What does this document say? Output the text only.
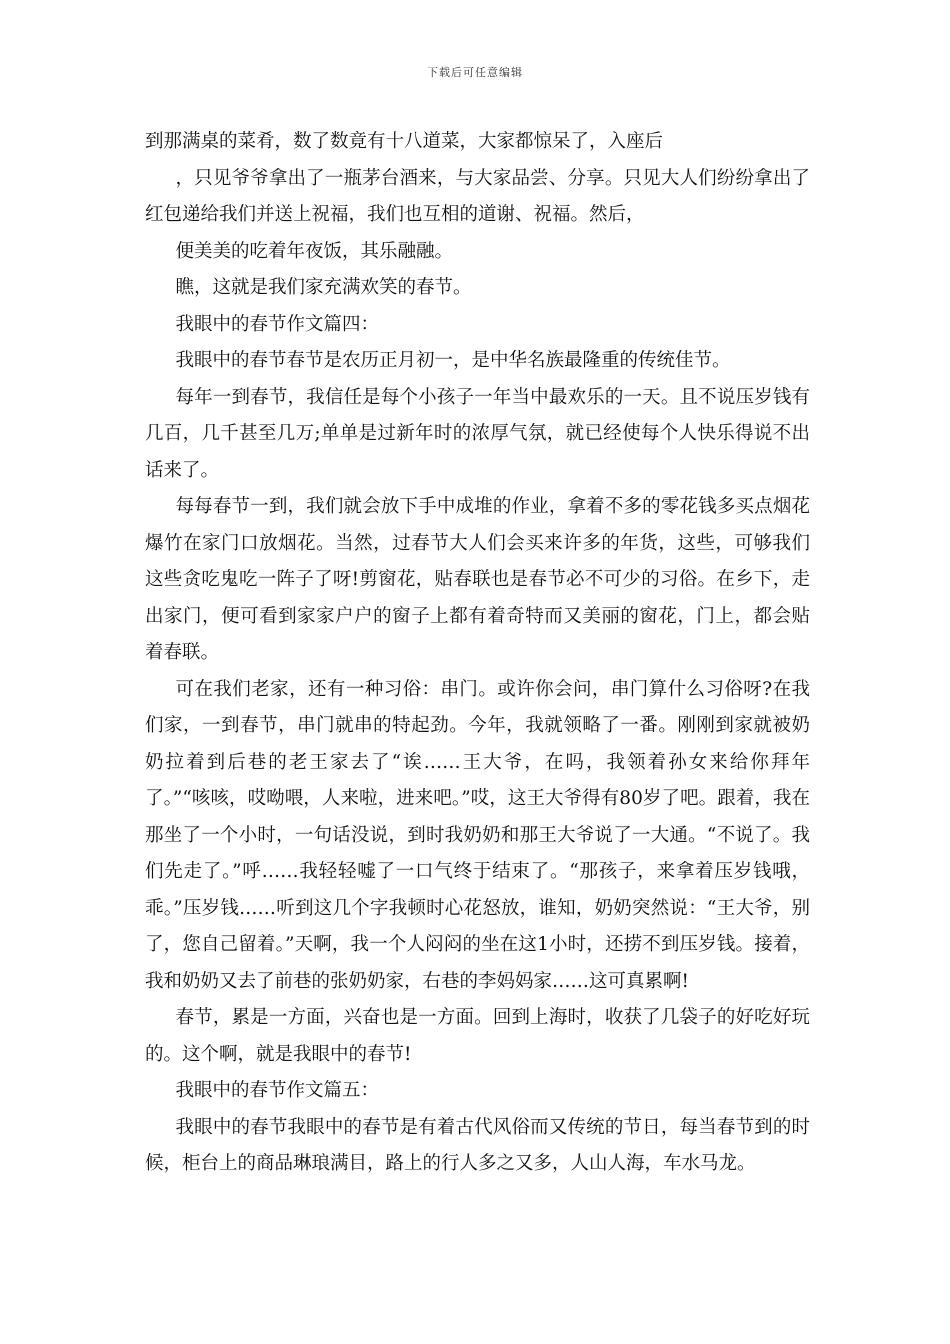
下载后可任意编辑

到那满桌的菜肴，数了数竟有十八道菜，大家都惊呆了，入座后

，只见爷爷拿出了一瓶茅台酒来，与大家品尝、分享。只见大人们纷纷拿出了红包递给我们并送上祝福，我们也互相的道谢、祝福。然后，

便美美的吃着年夜饭，其乐融融。

瞧，这就是我们家充满欢笑的春节。

我眼中的春节作文篇四：

我眼中的春节春节是农历正月初一，是中华名族最隆重的传统佳节。

每年一到春节，我信任是每个小孩子一年当中最欢乐的一天。且不说压岁钱有几百，几千甚至几万;单单是过新年时的浓厚气氛，就已经使每个人快乐得说不出话来了。

每每春节一到，我们就会放下手中成堆的作业，拿着不多的零花钱多买点烟花爆竹在家门口放烟花。当然，过春节大人们会买来许多的年货，这些，可够我们这些贪吃鬼吃一阵子了呀!剪窗花，贴春联也是春节必不可少的习俗。在乡下，走出家门，便可看到家家户户的窗子上都有着奇特而又美丽的窗花，门上，都会贴着春联。

可在我们老家，还有一种习俗：串门。或许你会问，串门算什么习俗呀?在我们家，一到春节，串门就串的特起劲。今年，我就领略了一番。刚刚到家就被奶奶拉着到后巷的老王家去了“诶……王大爷，在吗，我领着孙女来给你拜年了。”“咳咳，哎呦喂，人来啦，进来吧。”哎，这王大爷得有80岁了吧。跟着，我在那坐了一个小时，一句话没说，到时我奶奶和那王大爷说了一大通。“不说了。我们先走了。”呼……我轻轻嘘了一口气终于结束了。“那孩子，来拿着压岁钱哦，乖。”压岁钱……听到这几个字我顿时心花怒放，谁知，奶奶突然说：“王大爷，别了，您自己留着。”天啊，我一个人闷闷的坐在这1小时，还捞不到压岁钱。接着，我和奶奶又去了前巷的张奶奶家，右巷的李妈妈家……这可真累啊!

春节，累是一方面，兴奋也是一方面。回到上海时，收获了几袋子的好吃好玩的。这个啊，就是我眼中的春节!

我眼中的春节作文篇五：

我眼中的春节我眼中的春节是有着古代风俗而又传统的节日，每当春节到的时候，柜台上的商品琳琅满目，路上的行人多之又多，人山人海，车水马龙。
